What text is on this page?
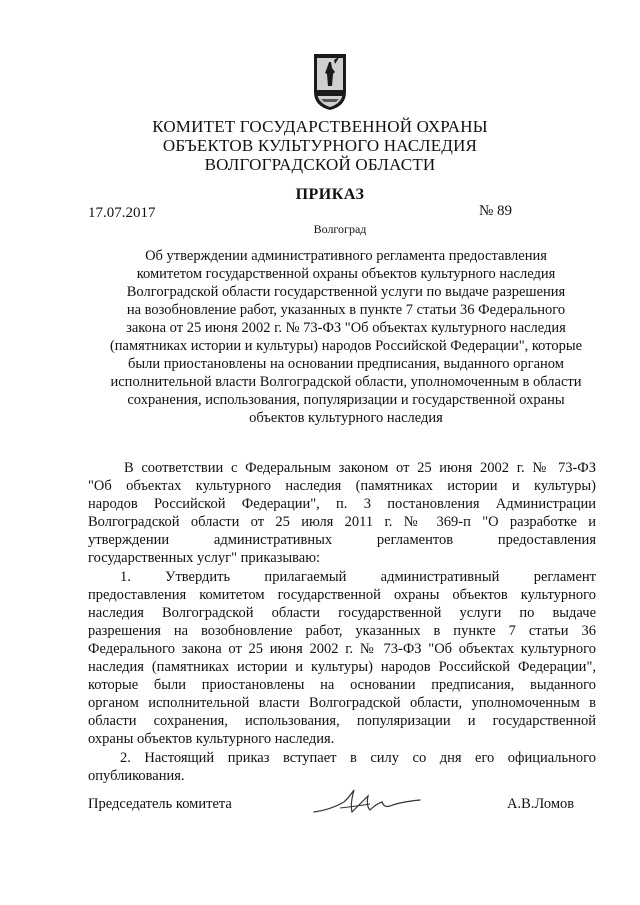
КОМИТЕТ ГОСУДАРСТВЕННОЙ ОХРАНЫ
ОБЪЕКТОВ КУЛЬТУРНОГО НАСЛЕДИЯ
ВОЛГОГРАДСКОЙ ОБЛАСТИ
ПРИКАЗ
17.07.2017	№ 89
Волгоград
Об утверждении административного регламента предоставления
комитетом государственной охраны объектов культурного наследия
Волгоградской области государственной услуги по выдаче разрешения
на возобновление работ, указанных в пункте 7 статьи 36 Федерального
закона от 25 июня 2002 г. № 73-ФЗ "Об объектах культурного наследия
(памятниках истории и культуры) народов Российской Федерации", которые
были приостановлены на основании предписания, выданного органом
исполнительной власти Волгоградской области, уполномоченным в области
сохранения, использования, популяризации и государственной охраны
объектов культурного наследия
В соответствии с Федеральным законом от 25 июня 2002 г. № 73-ФЗ
"Об объектах культурного наследия (памятниках истории и культуры)
народов Российской Федерации", п. 3 постановления Администрации
Волгоградской области от 25 июля 2011 г. № 369-п "О разработке и
утверждении административных регламентов предоставления
государственных услуг" приказываю:
1. Утвердить прилагаемый административный регламент
предоставления комитетом государственной охраны объектов культурного
наследия Волгоградской области государственной услуги по выдаче
разрешения на возобновление работ, указанных в пункте 7 статьи 36
Федерального закона от 25 июня 2002 г. № 73-ФЗ "Об объектах культурного
наследия (памятниках истории и культуры) народов Российской Федерации",
которые были приостановлены на основании предписания, выданного
органом исполнительной власти Волгоградской области, уполномоченным в
области сохранения, использования, популяризации и государственной
охраны объектов культурного наследия.
2. Настоящий приказ вступает в силу со дня его официального
опубликования.
Председатель комитета	А.В.Ломов
